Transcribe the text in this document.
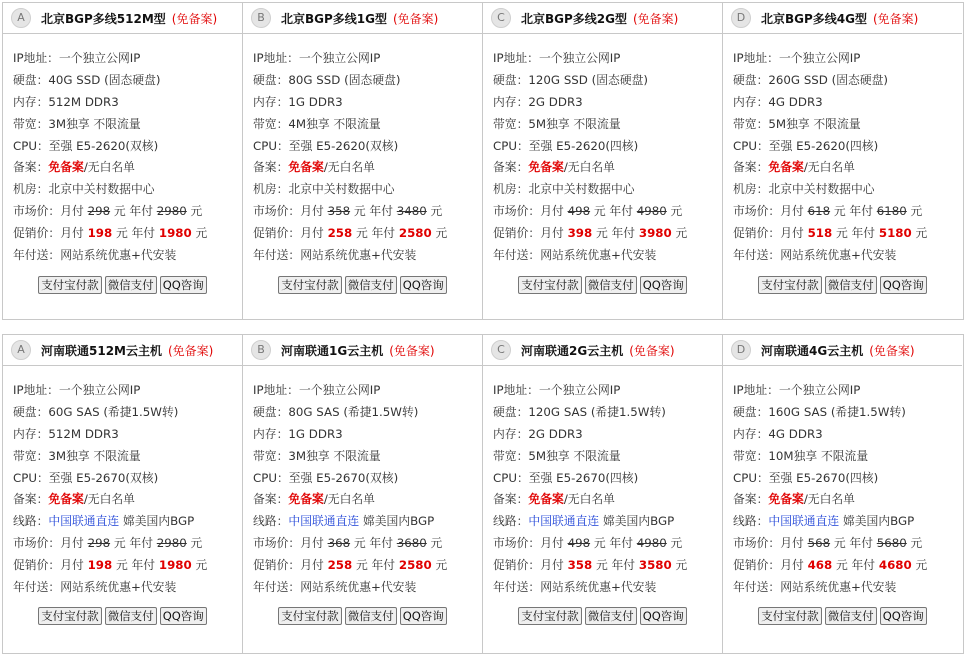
A	北京BGP多线512M型 (免备案)
IP地址：一个独立公网IP
硬盘：40G SSD (固态硬盘)
内存：512M DDR3
带宽：3M独享 不限流量
CPU：至强 E5-2620(双核)
备案：免备案/无白名单
机房：北京中关村数据中心
市场价：月付 298 元 年付 2980 元
促销价：月付 198 元 年付 1980 元
年付送：网站系统优惠+代安装
支付宝付款 微信支付 QQ咨询
B	北京BGP多线1G型 (免备案)
IP地址：一个独立公网IP
硬盘：80G SSD (固态硬盘)
内存：1G DDR3
带宽：4M独享 不限流量
CPU：至强 E5-2620(双核)
备案：免备案/无白名单
机房：北京中关村数据中心
市场价：月付 358 元 年付 3480 元
促销价：月付 258 元 年付 2580 元
年付送：网站系统优惠+代安装
支付宝付款 微信支付 QQ咨询
C	北京BGP多线2G型 (免备案)
IP地址：一个独立公网IP
硬盘：120G SSD (固态硬盘)
内存：2G DDR3
带宽：5M独享 不限流量
CPU：至强 E5-2620(四核)
备案：免备案/无白名单
机房：北京中关村数据中心
市场价：月付 498 元 年付 4980 元
促销价：月付 398 元 年付 3980 元
年付送：网站系统优惠+代安装
支付宝付款 微信支付 QQ咨询
D	北京BGP多线4G型 (免备案)
IP地址：一个独立公网IP
硬盘：260G SSD (固态硬盘)
内存：4G DDR3
带宽：5M独享 不限流量
CPU：至强 E5-2620(四核)
备案：免备案/无白名单
机房：北京中关村数据中心
市场价：月付 618 元 年付 6180 元
促销价：月付 518 元 年付 5180 元
年付送：网站系统优惠+代安装
支付宝付款 微信支付 QQ咨询
A	河南联通512M云主机 (免备案)
IP地址：一个独立公网IP
硬盘：60G SAS (希捷1.5W转)
内存：512M DDR3
带宽：3M独享 不限流量
CPU：至强 E5-2670(双核)
备案：免备案/无白名单
线路：中国联通直连 嫦美国内BGP
市场价：月付 298 元 年付 2980 元
促销价：月付 198 元 年付 1980 元
年付送：网站系统优惠+代安装
支付宝付款 微信支付 QQ咨询
B	河南联通1G云主机 (免备案)
IP地址：一个独立公网IP
硬盘：80G SAS (希捷1.5W转)
内存：1G DDR3
带宽：3M独享 不限流量
CPU：至强 E5-2670(双核)
备案：免备案/无白名单
线路：中国联通直连 嫦美国内BGP
市场价：月付 368 元 年付 3680 元
促销价：月付 258 元 年付 2580 元
年付送：网站系统优惠+代安装
支付宝付款 微信支付 QQ咨询
C	河南联通2G云主机 (免备案)
IP地址：一个独立公网IP
硬盘：120G SAS (希捷1.5W转)
内存：2G DDR3
带宽：5M独享 不限流量
CPU：至强 E5-2670(四核)
备案：免备案/无白名单
线路：中国联通直连 嫦美国内BGP
市场价：月付 498 元 年付 4980 元
促销价：月付 358 元 年付 3580 元
年付送：网站系统优惠+代安装
支付宝付款 微信支付 QQ咨询
D	河南联通4G云主机 (免备案)
IP地址：一个独立公网IP
硬盘：160G SAS (希捷1.5W转)
内存：4G DDR3
带宽：10M独享 不限流量
CPU：至强 E5-2670(四核)
备案：免备案/无白名单
线路：中国联通直连 嫦美国内BGP
市场价：月付 568 元 年付 5680 元
促销价：月付 468 元 年付 4680 元
年付送：网站系统优惠+代安装
支付宝付款 微信支付 QQ咨询
